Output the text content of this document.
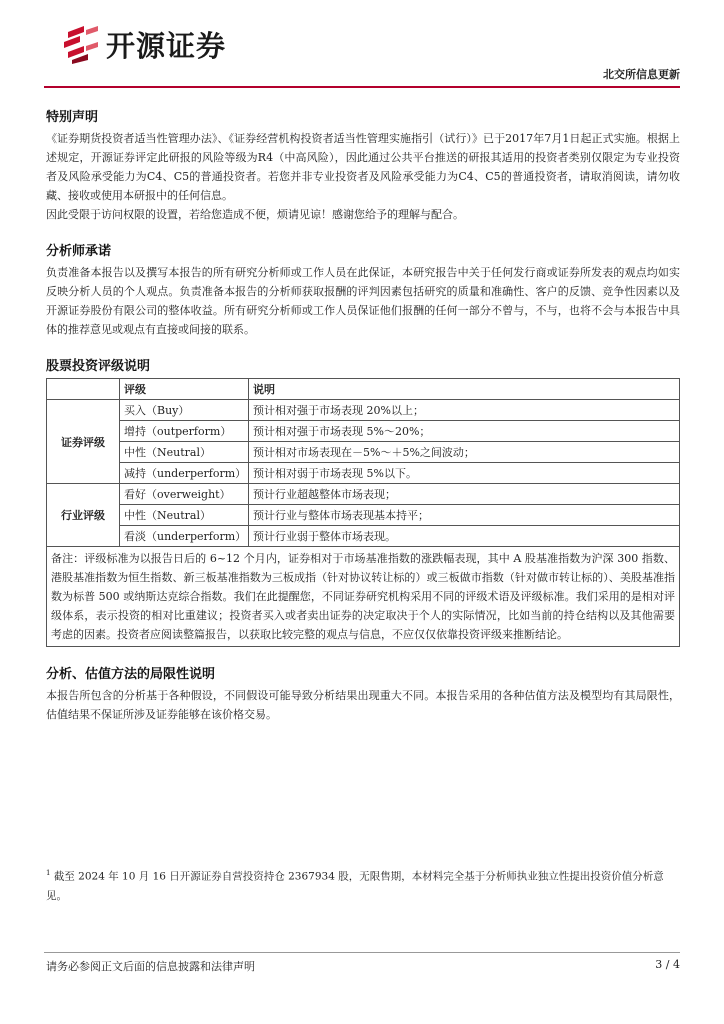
开源证券
北交所信息更新
特别声明

《证券期货投资者适当性管理办法》、《证券经营机构投资者适当性管理实施指引（试行）》已于2017年7月1日起正式实施。根据上述规定，开源证券评定此研报的风险等级为R4（中高风险），因此通过公共平台推送的研报其适用的投资者类别仅限定为专业投资者及风险承受能力为C4、C5的普通投资者。若您并非专业投资者及风险承受能力为C4、C5的普通投资者，请取消阅读，请勿收藏、接收或使用本研报中的任何信息。

因此受限于访问权限的设置，若给您造成不便，烦请见谅！感谢您给予的理解与配合。

分析师承诺

负责准备本报告以及撰写本报告的所有研究分析师或工作人员在此保证，本研究报告中关于任何发行商或证券所发表的观点均如实反映分析人员的个人观点。负责准备本报告的分析师获取报酬的评判因素包括研究的质量和准确性、客户的反馈、竞争性因素以及开源证券股份有限公司的整体收益。所有研究分析师或工作人员保证他们报酬的任何一部分不曾与，不与，也将不会与本报告中具体的推荐意见或观点有直接或间接的联系。

股票投资评级说明
	评级	说明
证券评级	买入（Buy）	预计相对强于市场表现 20%以上；
	增持（outperform）	预计相对强于市场表现 5%～20%；
	中性（Neutral）	预计相对市场表现在－5%～＋5%之间波动；
	减持（underperform）	预计相对弱于市场表现 5%以下。
行业评级	看好（overweight）	预计行业超越整体市场表现；
	中性（Neutral）	预计行业与整体市场表现基本持平；
	看淡（underperform）	预计行业弱于整体市场表现。
备注：评级标准为以报告日后的 6~12 个月内，证券相对于市场基准指数的涨跌幅表现，其中 A 股基准指数为沪深 300 指数、港股基准指数为恒生指数、新三板基准指数为三板成指（针对协议转让标的）或三板做市指数（针对做市转让标的）、美股基准指数为标普 500 或纳斯达克综合指数。我们在此提醒您，不同证券研究机构采用不同的评级术语及评级标准。我们采用的是相对评级体系，表示投资的相对比重建议；投资者买入或者卖出证券的决定取决于个人的实际情况，比如当前的持仓结构以及其他需要考虑的因素。投资者应阅读整篇报告，以获取比较完整的观点与信息，不应仅仅依靠投资评级来推断结论。		
分析、估值方法的局限性说明

本报告所包含的分析基于各种假设，不同假设可能导致分析结果出现重大不同。本报告采用的各种估值方法及模型均有其局限性，估值结果不保证所涉及证券能够在该价格交易。

$^1$ 截至 2024 年 10 月 16 日开源证券自营投资持仓 2367934 股，无限售期，本材料完全基于分析师执业独立性提出投资价值分析意见。
请务必参阅正文后面的信息披露和法律声明	3 / 4
